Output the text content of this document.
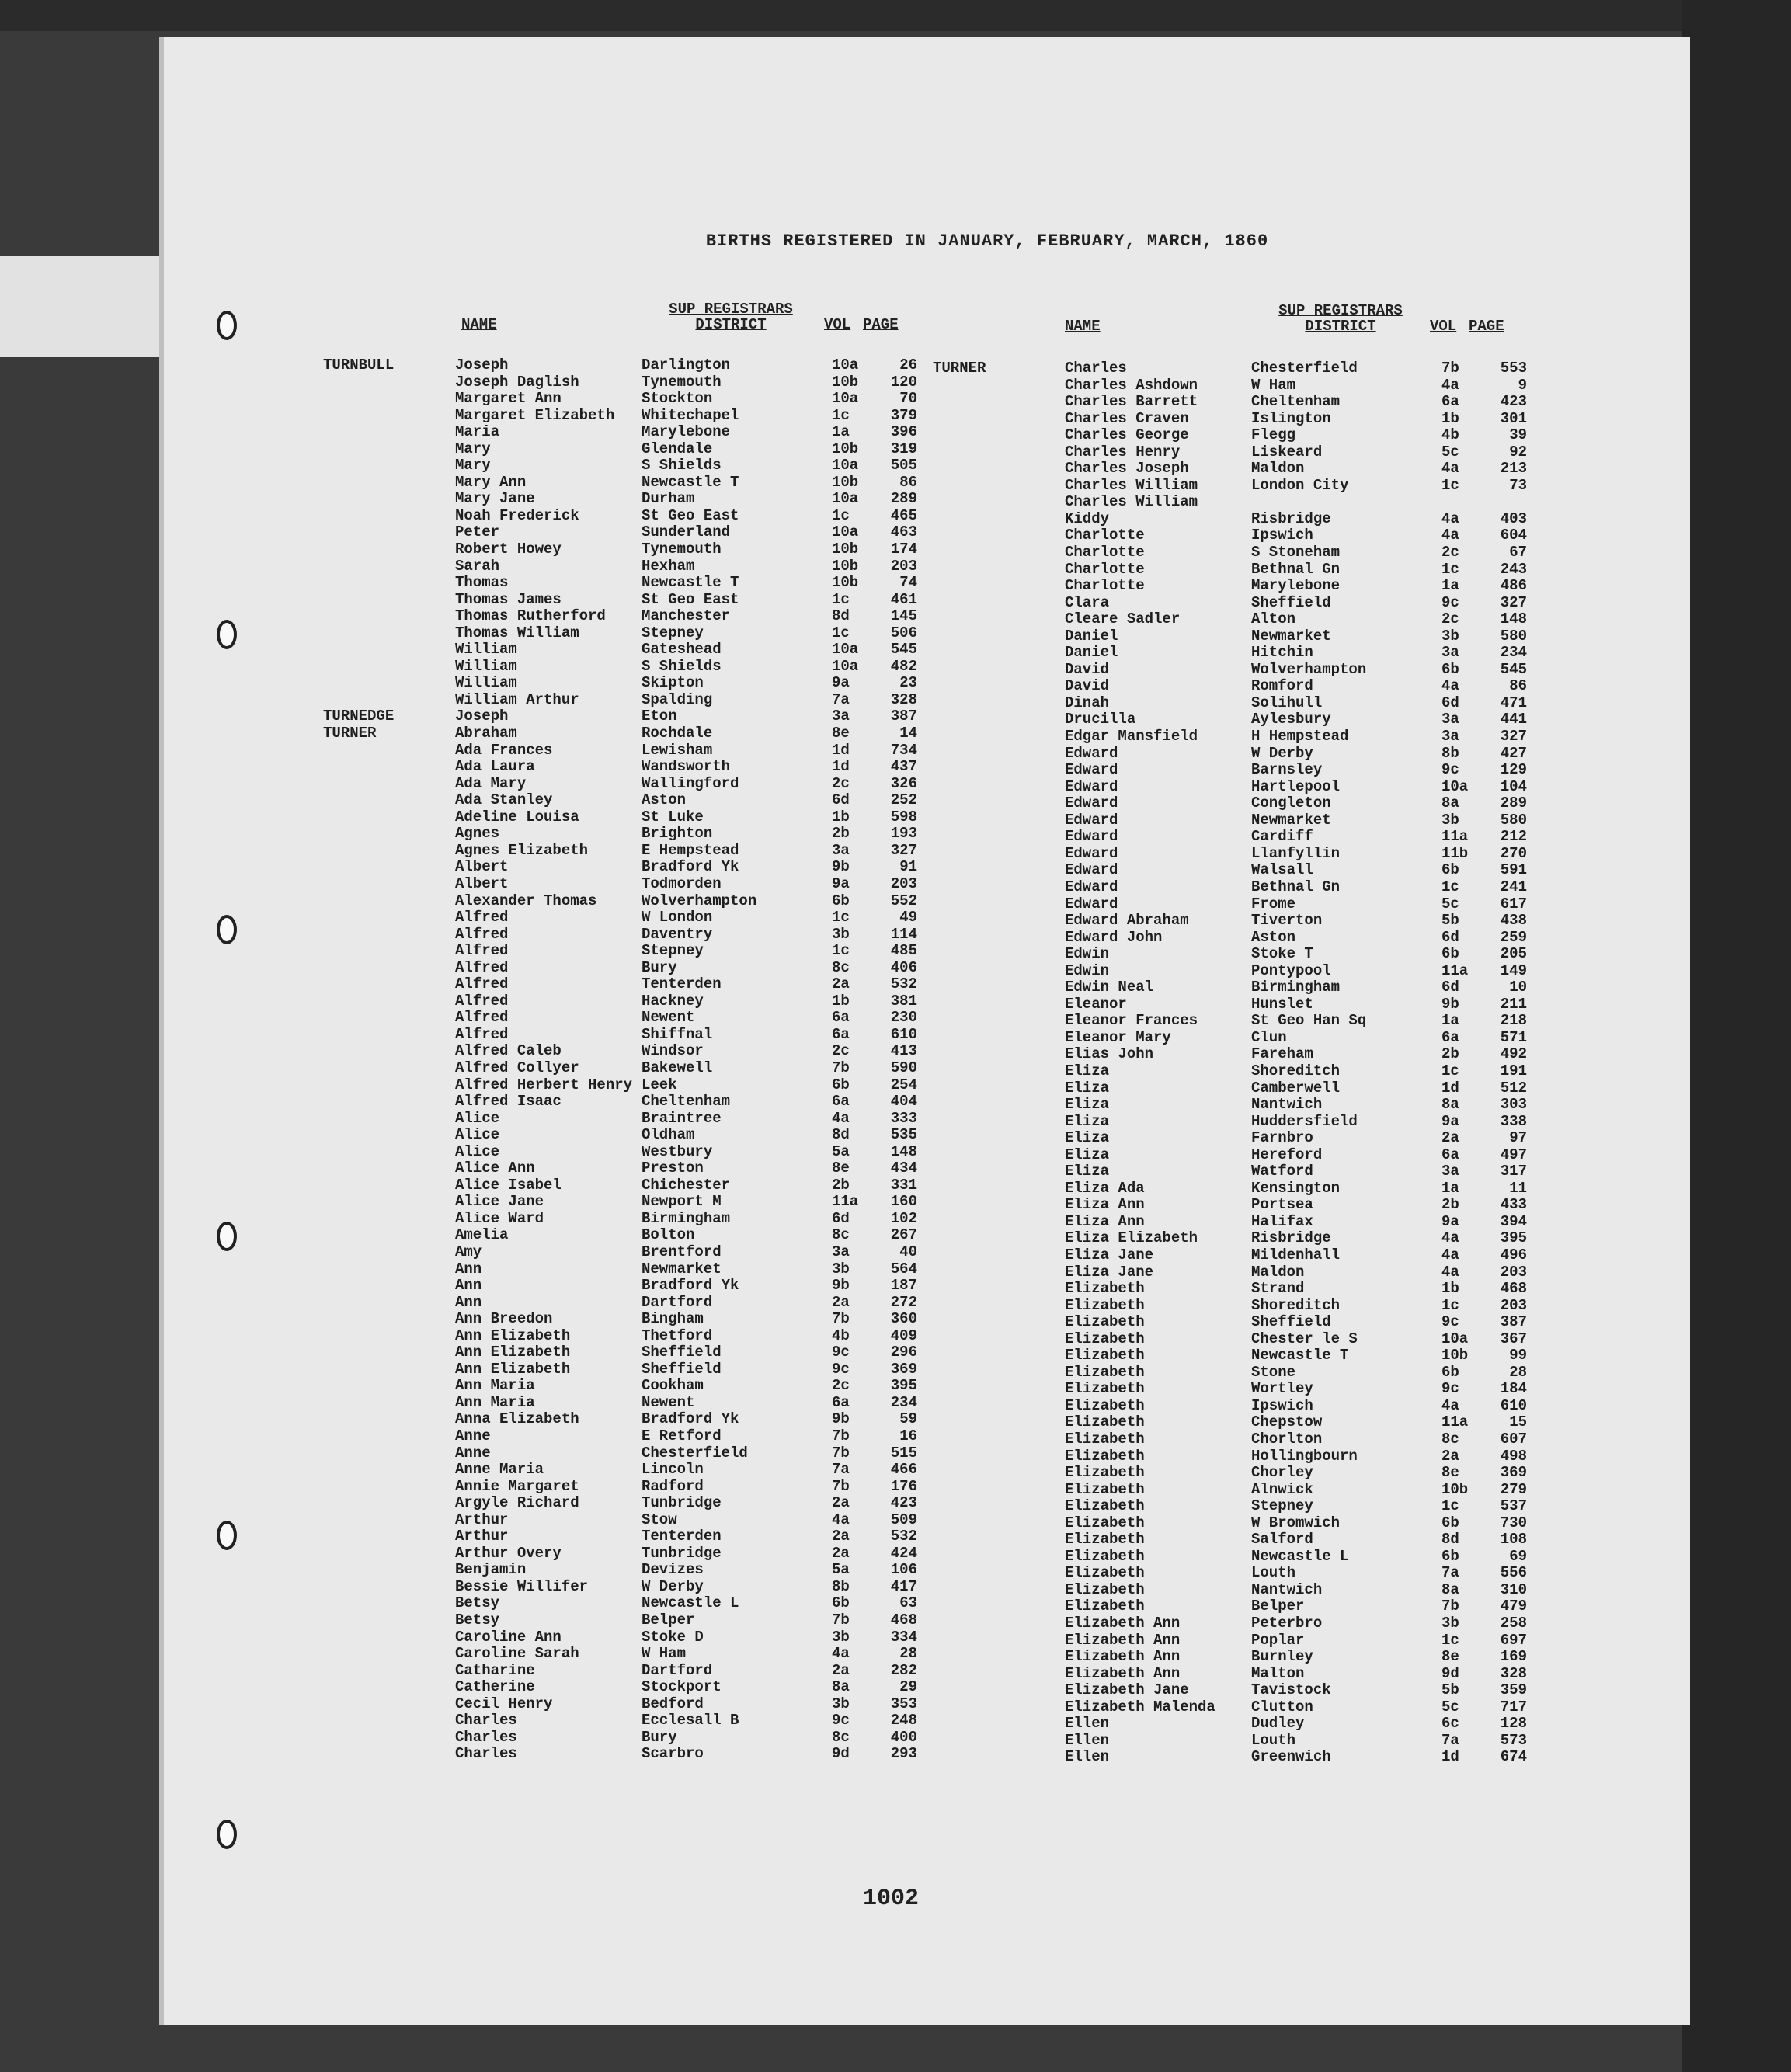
BIRTHS REGISTERED IN JANUARY, FEBRUARY, MARCH, 1860
NAME
SUP REGISTRARS
DISTRICT	VOL PAGE	NAME
SUP REGISTRARS
DISTRICT	VOL PAGE
TURNBULL	Joseph	Darlington	10a	26
Joseph Daglish	Tynemouth	10b	120
Margaret Ann	Stockton	10a	70
Margaret Elizabeth	Whitechapel	1c	379
Maria	Marylebone	1a	396
Mary	Glendale	10b	319
Mary	S Shields	10a	505
Mary Ann	Newcastle T	10b	86
Mary Jane	Durham	10a	289
Noah Frederick	St Geo East	1c	465
Peter	Sunderland	10a	463
Robert Howey	Tynemouth	10b	174
Sarah	Hexham	10b	203
Thomas	Newcastle T	10b	74
Thomas James	St Geo East	1c	461
Thomas Rutherford	Manchester	8d	145
Thomas William	Stepney	1c	506
William	Gateshead	10a	545
William	S Shields	10a	482
William	Skipton	9a	23
William Arthur	Spalding	7a	328
TURNEDGE	Joseph	Eton	3a	387
TURNER	Abraham	Rochdale	8e	14
Ada Frances	Lewisham	1d	734
Ada Laura	Wandsworth	1d	437
Ada Mary	Wallingford	2c	326
Ada Stanley	Aston	6d	252
Adeline Louisa	St Luke	1b	598
Agnes	Brighton	2b	193
Agnes Elizabeth	E Hempstead	3a	327
Albert	Bradford Yk	9b	91
Albert	Todmorden	9a	203
Alexander Thomas	Wolverhampton	6b	552
Alfred	W London	1c	49
Alfred	Daventry	3b	114
Alfred	Stepney	1c	485
Alfred	Bury	8c	406
Alfred	Tenterden	2a	532
Alfred	Hackney	1b	381
Alfred	Newent	6a	230
Alfred	Shiffnal	6a	610
Alfred Caleb	Windsor	2c	413
Alfred Collyer	Bakewell	7b	590
Alfred Herbert Henry Leek	6b	254
Alfred Isaac	Cheltenham	6a	404
Alice	Braintree	4a	333
Alice	Oldham	8d	535
Alice	Westbury	5a	148
Alice Ann	Preston	8e	434
Alice Isabel	Chichester	2b	331
Alice Jane	Newport M	11a	160
Alice Ward	Birmingham	6d	102
Amelia	Bolton	8c	267
Amy	Brentford	3a	40
Ann	Newmarket	3b	564
Ann	Bradford Yk	9b	187
Ann	Dartford	2a	272
Ann Breedon	Bingham	7b	360
Ann Elizabeth	Thetford	4b	409
Ann Elizabeth	Sheffield	9c	296
Ann Elizabeth	Sheffield	9c	369
Ann Maria	Cookham	2c	395
Ann Maria	Newent	6a	234
Anna Elizabeth	Bradford Yk	9b	59
Anne	E Retford	7b	16
Anne	Chesterfield	7b	515
Anne Maria	Lincoln	7a	466
Annie Margaret	Radford	7b	176
Argyle Richard	Tunbridge	2a	423
Arthur	Stow	4a	509
Arthur	Tenterden	2a	532
Arthur Overy	Tunbridge	2a	424
Benjamin	Devizes	5a	106
Bessie Willifer	W Derby	8b	417
Betsy	Newcastle L	6b	63
Betsy	Belper	7b	468
Caroline Ann	Stoke D	3b	334
Caroline Sarah	W Ham	4a	28
Catharine	Dartford	2a	282
Catherine	Stockport	8a	29
Cecil Henry	Bedford	3b	353
Charles	Ecclesall B	9c	248
Charles	Bury	8c	400
Charles	Scarbro	9d	293
TURNER	Charles	Chesterfield	7b	553
Charles Ashdown	W Ham	4a	9
Charles Barrett	Cheltenham	6a	423
Charles Craven	Islington	1b	301
Charles George	Flegg	4b	39
Charles Henry	Liskeard	5c	92
Charles Joseph	Maldon	4a	213
Charles William	London City	1c	73
Charles William
Kiddy	Risbridge	4a	403
Charlotte	Ipswich	4a	604
Charlotte	S Stoneham	2c	67
Charlotte	Bethnal Gn	1c	243
Charlotte	Marylebone	1a	486
Clara	Sheffield	9c	327
Cleare Sadler	Alton	2c	148
Daniel	Newmarket	3b	580
Daniel	Hitchin	3a	234
David	Wolverhampton	6b	545
David	Romford	4a	86
Dinah	Solihull	6d	471
Drucilla	Aylesbury	3a	441
Edgar Mansfield	H Hempstead	3a	327
Edward	W Derby	8b	427
Edward	Barnsley	9c	129
Edward	Hartlepool	10a	104
Edward	Congleton	8a	289
Edward	Newmarket	3b	580
Edward	Cardiff	11a	212
Edward	Llanfyllin	11b	270
Edward	Walsall	6b	591
Edward	Bethnal Gn	1c	241
Edward	Frome	5c	617
Edward Abraham	Tiverton	5b	438
Edward John	Aston	6d	259
Edwin	Stoke T	6b	205
Edwin	Pontypool	11a	149
Edwin Neal	Birmingham	6d	10
Eleanor	Hunslet	9b	211
Eleanor Frances	St Geo Han Sq	1a	218
Eleanor Mary	Clun	6a	571
Elias John	Fareham	2b	492
Eliza	Shoreditch	1c	191
Eliza	Camberwell	1d	512
Eliza	Nantwich	8a	303
Eliza	Huddersfield	9a	338
Eliza	Farnbro	2a	97
Eliza	Hereford	6a	497
Eliza	Watford	3a	317
Eliza Ada	Kensington	1a	11
Eliza Ann	Portsea	2b	433
Eliza Ann	Halifax	9a	394
Eliza Elizabeth	Risbridge	4a	395
Eliza Jane	Mildenhall	4a	496
Eliza Jane	Maldon	4a	203
Elizabeth	Strand	1b	468
Elizabeth	Shoreditch	1c	203
Elizabeth	Sheffield	9c	387
Elizabeth	Chester le S	10a	367
Elizabeth	Newcastle T	10b	99
Elizabeth	Stone	6b	28
Elizabeth	Wortley	9c	184
Elizabeth	Ipswich	4a	610
Elizabeth	Chepstow	11a	15
Elizabeth	Chorlton	8c	607
Elizabeth	Hollingbourn	2a	498
Elizabeth	Chorley	8e	369
Elizabeth	Alnwick	10b	279
Elizabeth	Stepney	1c	537
Elizabeth	W Bromwich	6b	730
Elizabeth	Salford	8d	108
Elizabeth	Newcastle L	6b	69
Elizabeth	Louth	7a	556
Elizabeth	Nantwich	8a	310
Elizabeth	Belper	7b	479
Elizabeth Ann	Peterbro	3b	258
Elizabeth Ann	Poplar	1c	697
Elizabeth Ann	Burnley	8e	169
Elizabeth Ann	Malton	9d	328
Elizabeth Jane	Tavistock	5b	359
Elizabeth Malenda	Clutton	5c	717
Ellen	Dudley	6c	128
Ellen	Louth	7a	573
Ellen	Greenwich	1d	674
1002
